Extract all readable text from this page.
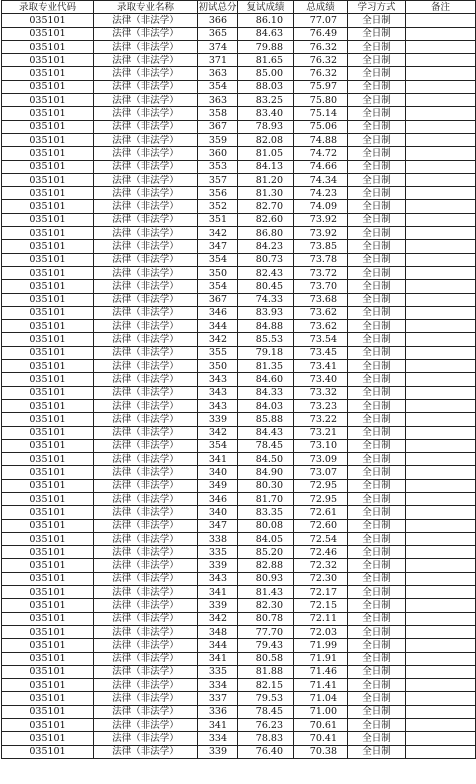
录取专业代码	录取专业名称	初试总分	复试成绩	总成绩	学习方式	备注
035101	法律（非法学）	366	86.10	77.07	全日制	
035101	法律（非法学）	365	84.63	76.49	全日制	
035101	法律（非法学）	374	79.88	76.32	全日制	
035101	法律（非法学）	371	81.65	76.32	全日制	
035101	法律（非法学）	363	85.00	76.32	全日制	
035101	法律（非法学）	354	88.03	75.97	全日制	
035101	法律（非法学）	363	83.25	75.80	全日制	
035101	法律（非法学）	358	83.40	75.14	全日制	
035101	法律（非法学）	367	78.93	75.06	全日制	
035101	法律（非法学）	359	82.08	74.88	全日制	
035101	法律（非法学）	360	81.05	74.72	全日制	
035101	法律（非法学）	353	84.13	74.66	全日制	
035101	法律（非法学）	357	81.20	74.34	全日制	
035101	法律（非法学）	356	81.30	74.23	全日制	
035101	法律（非法学）	352	82.70	74.09	全日制	
035101	法律（非法学）	351	82.60	73.92	全日制	
035101	法律（非法学）	342	86.80	73.92	全日制	
035101	法律（非法学）	347	84.23	73.85	全日制	
035101	法律（非法学）	354	80.73	73.78	全日制	
035101	法律（非法学）	350	82.43	73.72	全日制	
035101	法律（非法学）	354	80.45	73.70	全日制	
035101	法律（非法学）	367	74.33	73.68	全日制	
035101	法律（非法学）	346	83.93	73.62	全日制	
035101	法律（非法学）	344	84.88	73.62	全日制	
035101	法律（非法学）	342	85.53	73.54	全日制	
035101	法律（非法学）	355	79.18	73.45	全日制	
035101	法律（非法学）	350	81.35	73.41	全日制	
035101	法律（非法学）	343	84.60	73.40	全日制	
035101	法律（非法学）	343	84.33	73.32	全日制	
035101	法律（非法学）	343	84.03	73.23	全日制	
035101	法律（非法学）	339	85.88	73.22	全日制	
035101	法律（非法学）	342	84.43	73.21	全日制	
035101	法律（非法学）	354	78.45	73.10	全日制	
035101	法律（非法学）	341	84.50	73.09	全日制	
035101	法律（非法学）	340	84.90	73.07	全日制	
035101	法律（非法学）	349	80.30	72.95	全日制	
035101	法律（非法学）	346	81.70	72.95	全日制	
035101	法律（非法学）	340	83.35	72.61	全日制	
035101	法律（非法学）	347	80.08	72.60	全日制	
035101	法律（非法学）	338	84.05	72.54	全日制	
035101	法律（非法学）	335	85.20	72.46	全日制	
035101	法律（非法学）	339	82.88	72.32	全日制	
035101	法律（非法学）	343	80.93	72.30	全日制	
035101	法律（非法学）	341	81.43	72.17	全日制	
035101	法律（非法学）	339	82.30	72.15	全日制	
035101	法律（非法学）	342	80.78	72.11	全日制	
035101	法律（非法学）	348	77.70	72.03	全日制	
035101	法律（非法学）	344	79.43	71.99	全日制	
035101	法律（非法学）	341	80.58	71.91	全日制	
035101	法律（非法学）	335	81.88	71.46	全日制	
035101	法律（非法学）	334	82.15	71.41	全日制	
035101	法律（非法学）	337	79.53	71.04	全日制	
035101	法律（非法学）	336	78.45	71.00	全日制	
035101	法律（非法学）	341	76.23	70.61	全日制	
035101	法律（非法学）	334	78.83	70.41	全日制	
035101	法律（非法学）	339	76.40	70.38	全日制	
